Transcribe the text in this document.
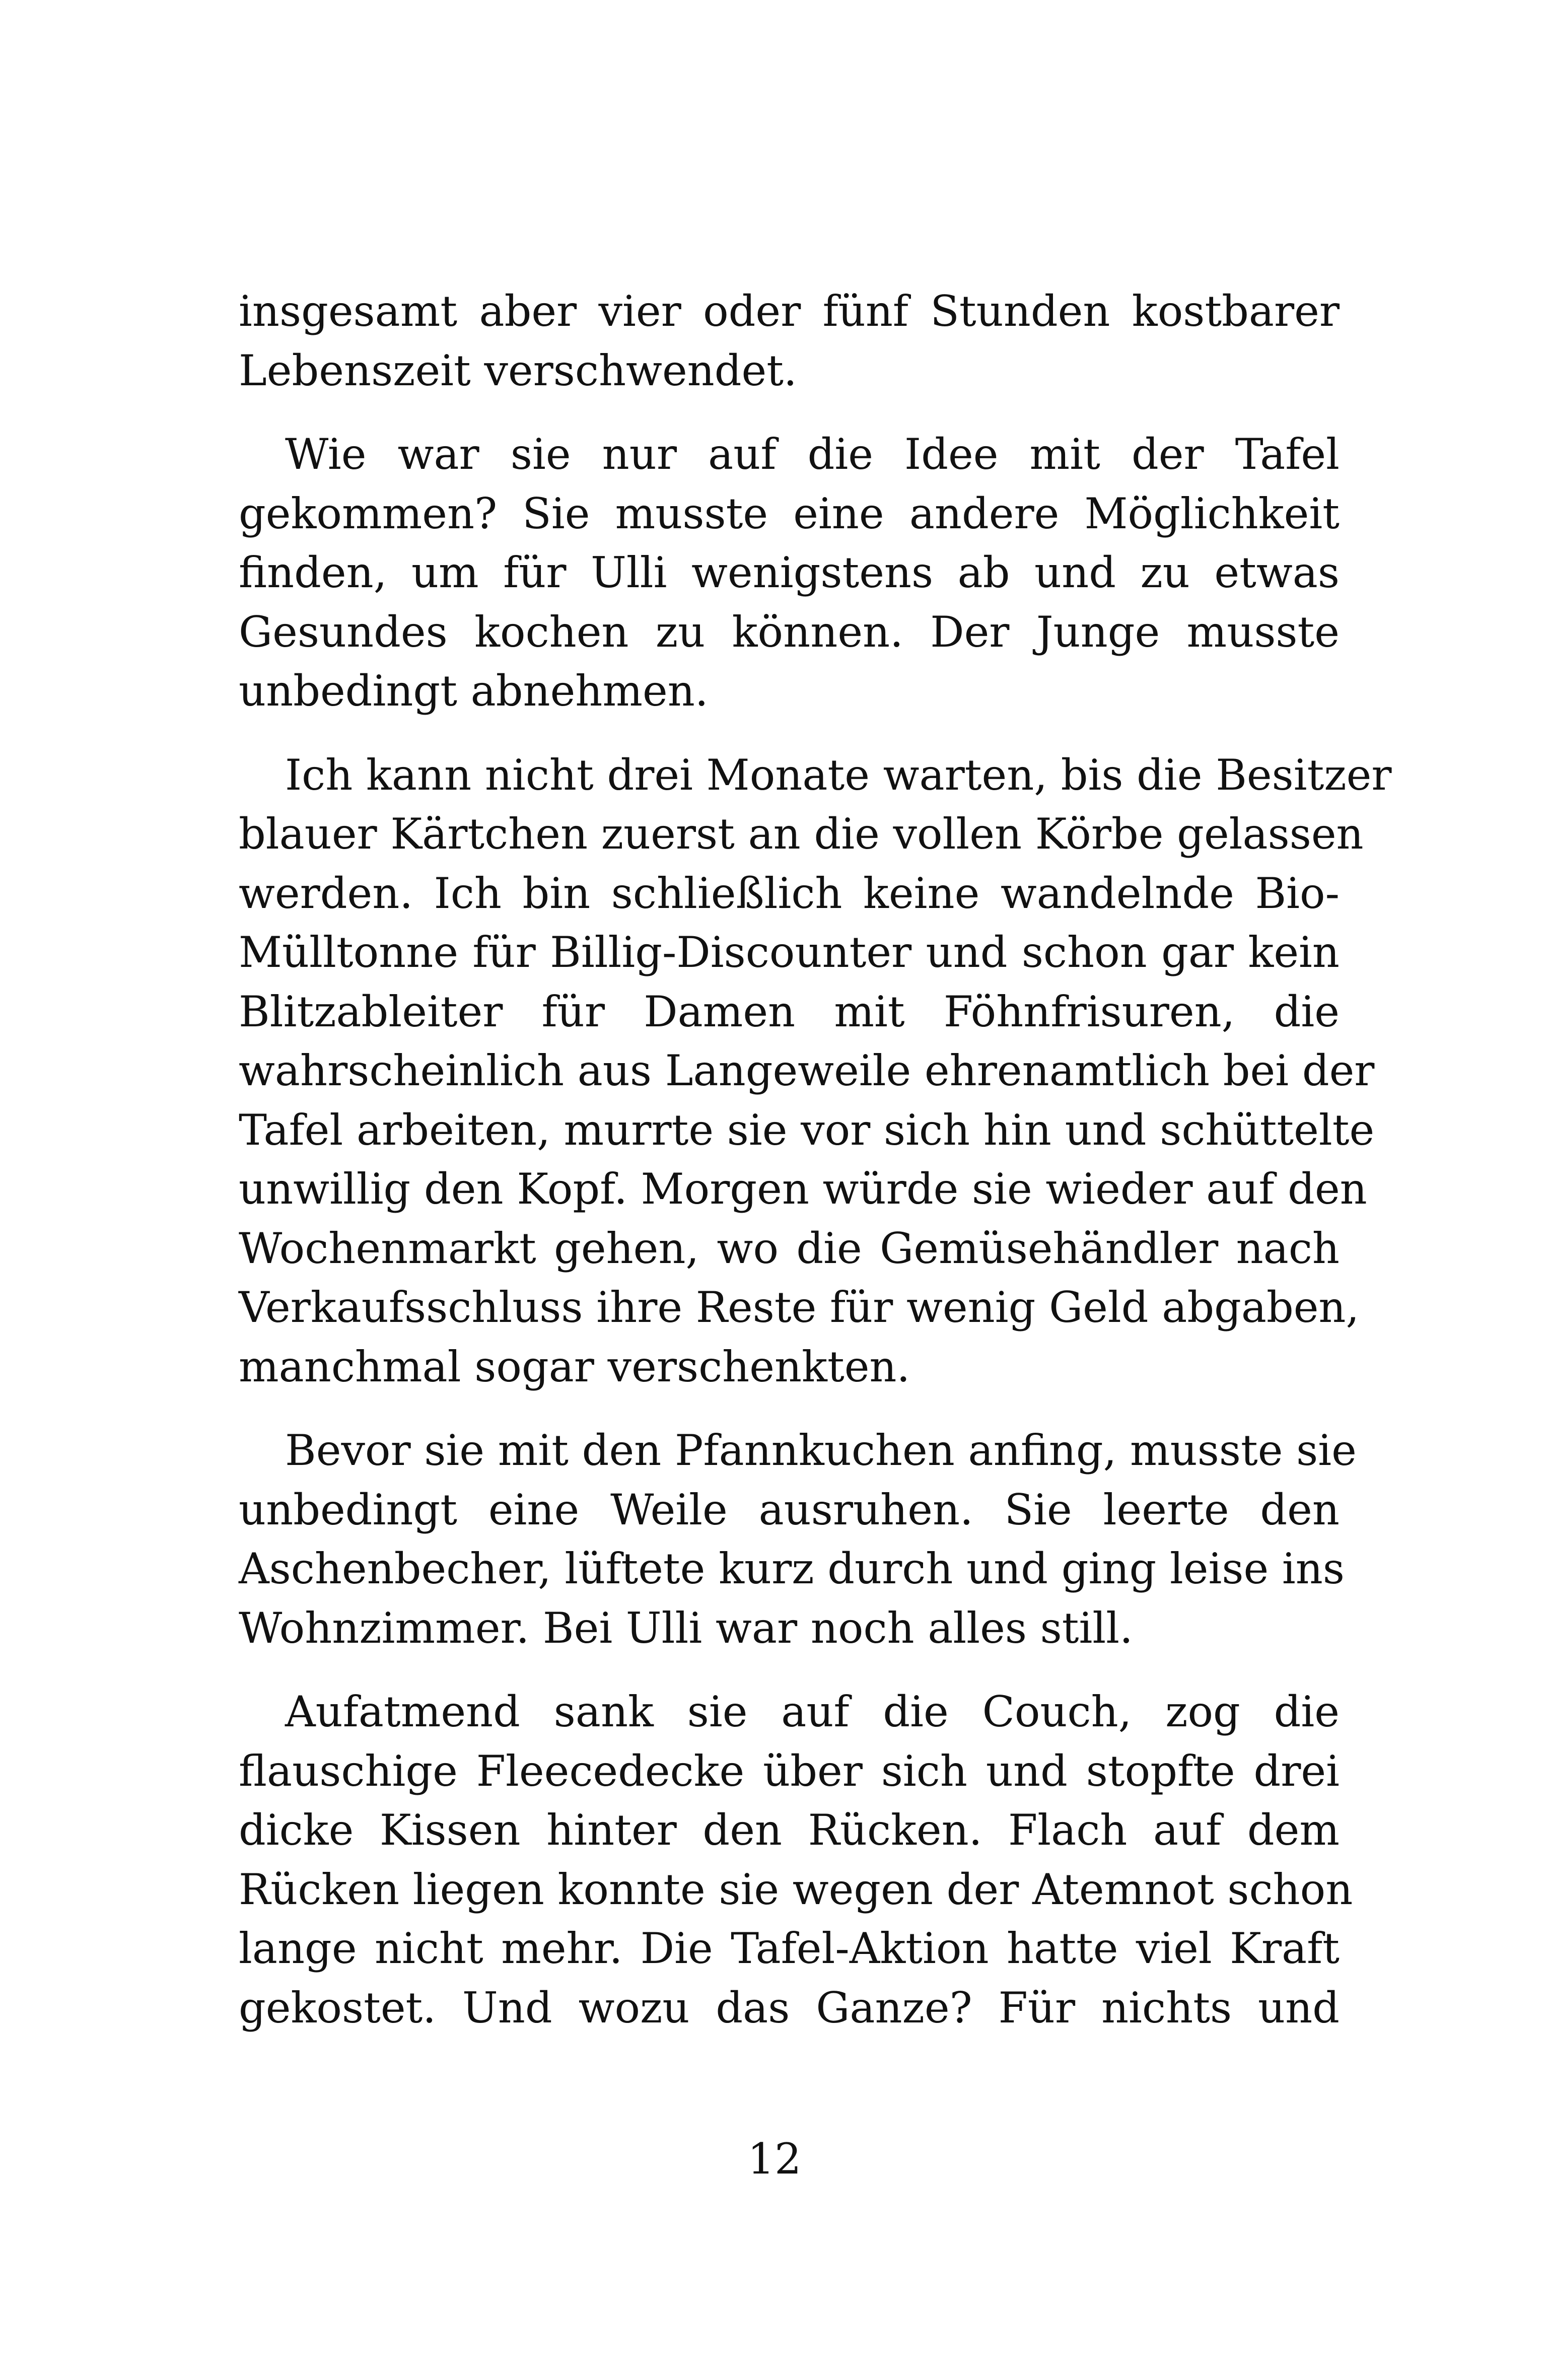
insgesamt aber vier oder fünf Stunden kostbarer
Lebenszeit verschwendet.
Wie war sie nur auf die Idee mit der Tafel
gekommen? Sie musste eine andere Möglichkeit
finden, um für Ulli wenigstens ab und zu etwas
Gesundes kochen zu können. Der Junge musste
unbedingt abnehmen.
Ich kann nicht drei Monate warten, bis die Besitzer
blauer Kärtchen zuerst an die vollen Körbe gelassen
werden. Ich bin schließlich keine wandelnde Bio-
Mülltonne für Billig-Discounter und schon gar kein
Blitzableiter für Damen mit Föhnfrisuren, die
wahrscheinlich aus Langeweile ehrenamtlich bei der
Tafel arbeiten, murrte sie vor sich hin und schüttelte
unwillig den Kopf. Morgen würde sie wieder auf den
Wochenmarkt gehen, wo die Gemüsehändler nach
Verkaufsschluss ihre Reste für wenig Geld abgaben,
manchmal sogar verschenkten.
Bevor sie mit den Pfannkuchen anfing, musste sie
unbedingt eine Weile ausruhen. Sie leerte den
Aschenbecher, lüftete kurz durch und ging leise ins
Wohnzimmer. Bei Ulli war noch alles still.
Aufatmend sank sie auf die Couch, zog die
flauschige Fleecedecke über sich und stopfte drei
dicke Kissen hinter den Rücken. Flach auf dem
Rücken liegen konnte sie wegen der Atemnot schon
lange nicht mehr. Die Tafel-Aktion hatte viel Kraft
gekostet. Und wozu das Ganze? Für nichts und
12
